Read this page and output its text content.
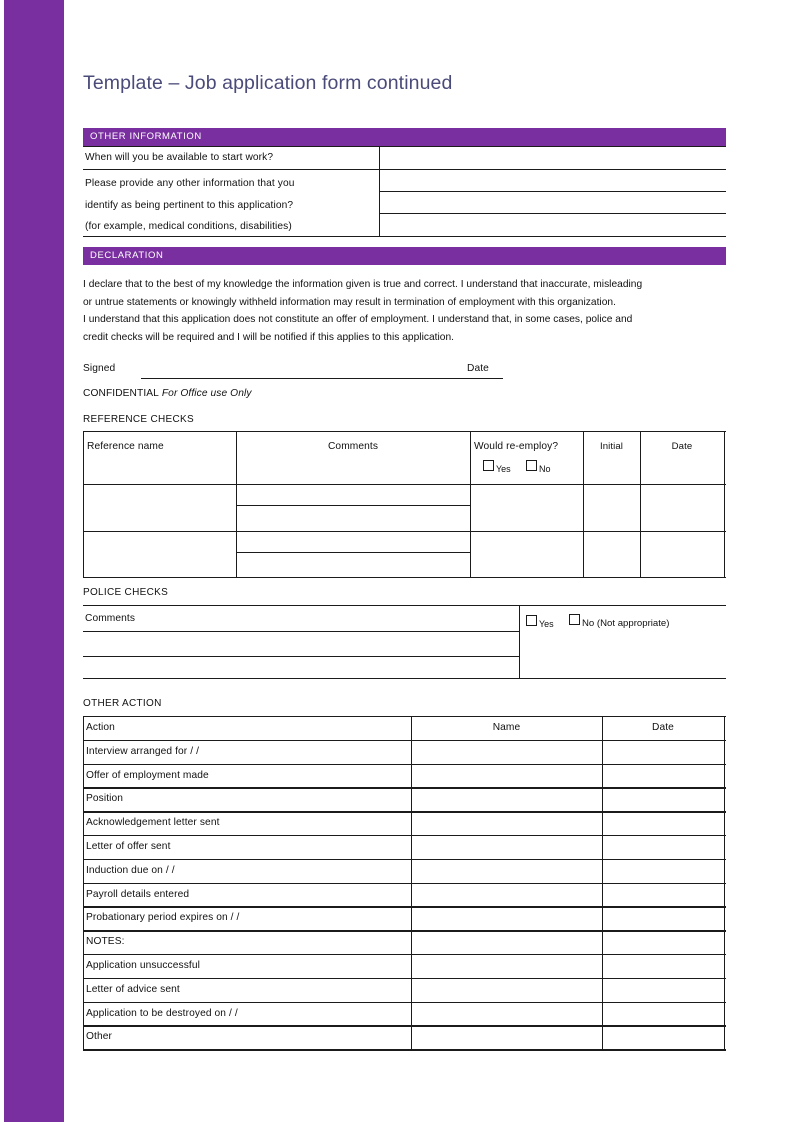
Template – Job application form continued
OTHER INFORMATION
When will you be available to start work?
Please provide any other information that you
identify as being pertinent to this application?
(for example, medical conditions, disabilities)
DECLARATION

I declare that to the best of my knowledge the information given is true and correct. I understand that inaccurate, misleading

or untrue statements or knowingly withheld information may result in termination of employment with this organization.

I understand that this application does not constitute an offer of employment. I understand that, in some cases, police and

credit checks will be required and I will be notified if this applies to this application.

Signed	Date
CONFIDENTIAL For Office use Only
REFERENCE CHECKS
Reference name	Comments	Would re-employ?	Initial	Date
Yes	No
POLICE CHECKS
Comments	Yes	No (Not appropriate)
OTHER ACTION
Action	Name	Date
Interview arranged for / /
Offer of employment made
Position
Acknowledgement letter sent
Letter of offer sent
Induction due on / /
Payroll details entered
Probationary period expires on / /
NOTES:
Application unsuccessful
Letter of advice sent
Application to be destroyed on / /
Other
